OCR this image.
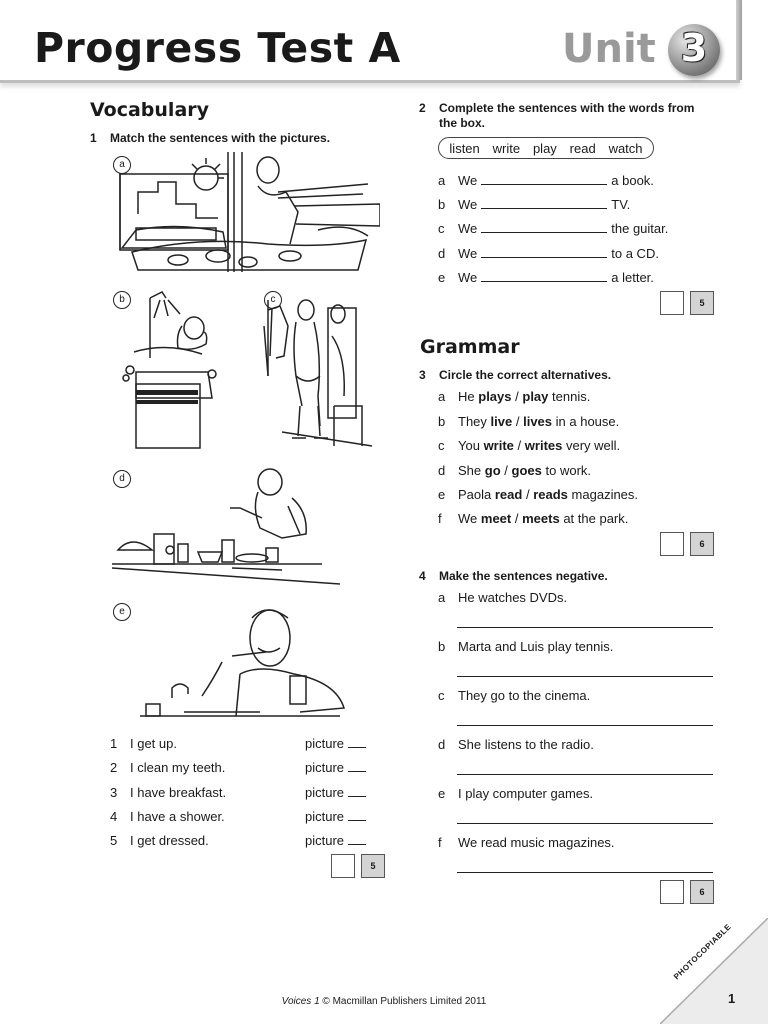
Progress Test A	Unit 3
Vocabulary
1 Match the sentences with the pictures.
a
b	c
d
e
1 I get up.	picture
2 I clean my teeth.	picture
3 I have breakfast.	picture
4 I have a shower.	picture
5 I get dressed.	picture
5
2 Complete the sentences with the words from the box.
listen write play read watch
a We	a book.
b We	TV.
c We	the guitar.
d We	to a CD.
e We	a letter.
5
Grammar
3 Circle the correct alternatives.
a He plays / play tennis.
b They live / lives in a house.
c You write / writes very well.
d She go / goes to work.
e Paola read / reads magazines.
f We meet / meets at the park.
6
4 Make the sentences negative.
a He watches DVDs.
b Marta and Luis play tennis.
c They go to the cinema.
d She listens to the radio.
e I play computer games.
f We read music magazines.
6
Voices 1 © Macmillan Publishers Limited 2011
PHOTOCOPIABLE
1
